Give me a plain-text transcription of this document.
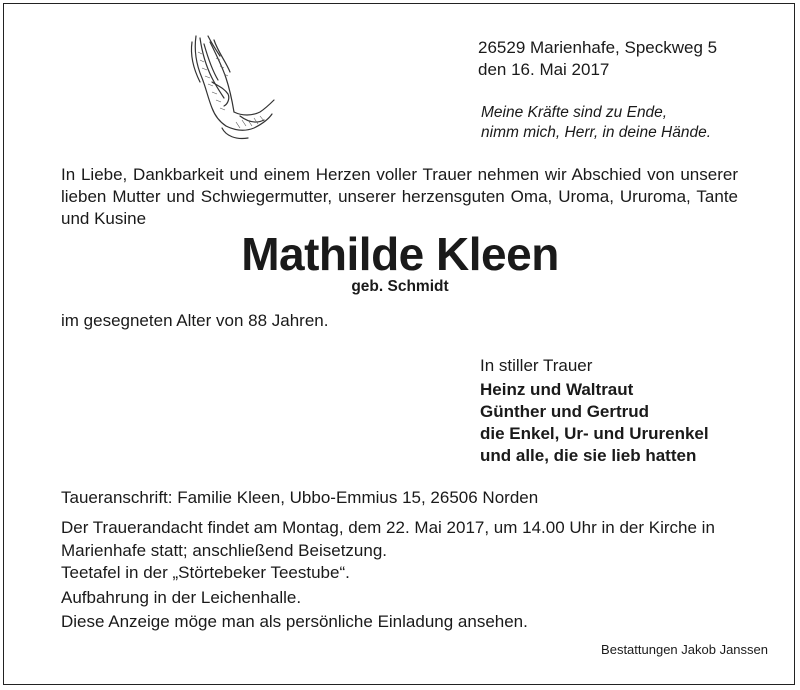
26529 Marienhafe, Speckweg 5
den 16. Mai 2017
Meine Kräfte sind zu Ende,
nimm mich, Herr, in deine Hände.
In Liebe, Dankbarkeit und einem Herzen voller Trauer nehmen wir Abschied von unserer lieben Mutter und Schwiegermutter, unserer herzensguten Oma, Uroma, Ururoma, Tante und Kusine
Mathilde Kleen
geb. Schmidt
im gesegneten Alter von 88 Jahren.
In stiller Trauer
Heinz und Waltraut
Günther und Gertrud
die Enkel, Ur- und Ururenkel
und alle, die sie lieb hatten
Taueranschrift: Familie Kleen, Ubbo-Emmius 15, 26506 Norden
Der Trauerandacht findet am Montag, dem 22. Mai 2017, um 14.00 Uhr in der Kirche in Marienhafe statt; anschließend Beisetzung.
Teetafel in der „Störtebeker Teestube“.
Aufbahrung in der Leichenhalle.
Diese Anzeige möge man als persönliche Einladung ansehen.
Bestattungen Jakob Janssen
